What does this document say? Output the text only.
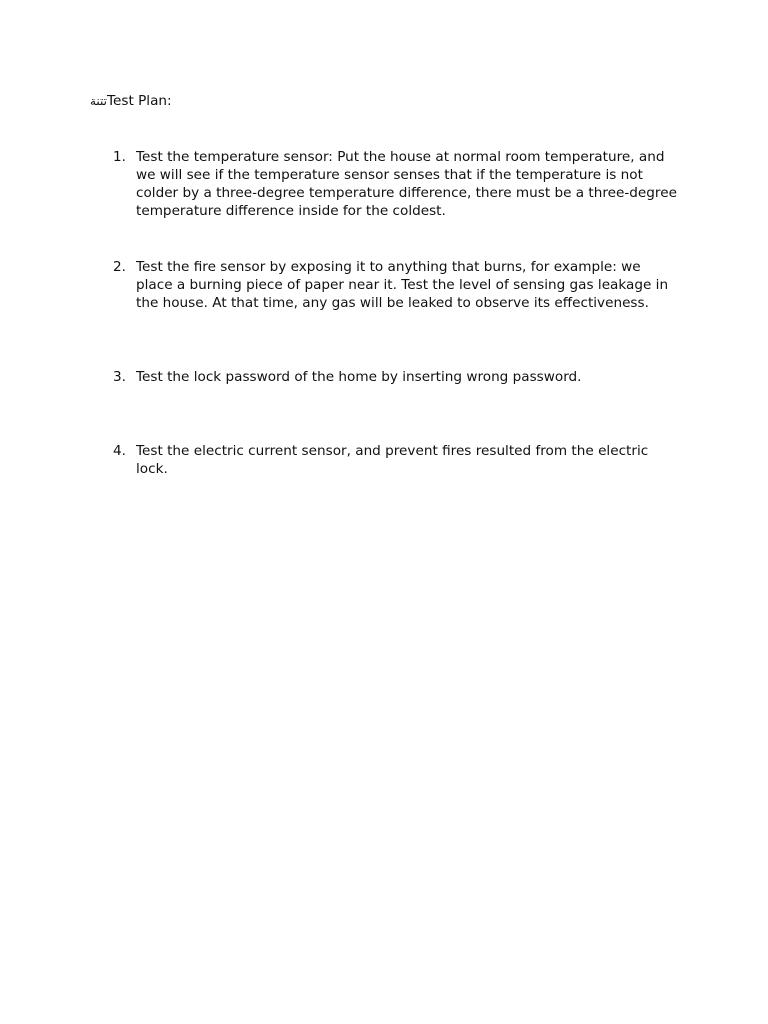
تتنةTest Plan:
1. Test the temperature sensor: Put the house at normal room temperature, and we will see if the temperature sensor senses that if the temperature is not colder by a three-degree temperature difference, there must be a three-degree temperature difference inside for the coldest.
2. Test the fire sensor by exposing it to anything that burns, for example: we place a burning piece of paper near it. Test the level of sensing gas leakage in the house. At that time, any gas will be leaked to observe its effectiveness.
3. Test the lock password of the home by inserting wrong password.
4. Test the electric current sensor, and prevent fires resulted from the electric lock.
